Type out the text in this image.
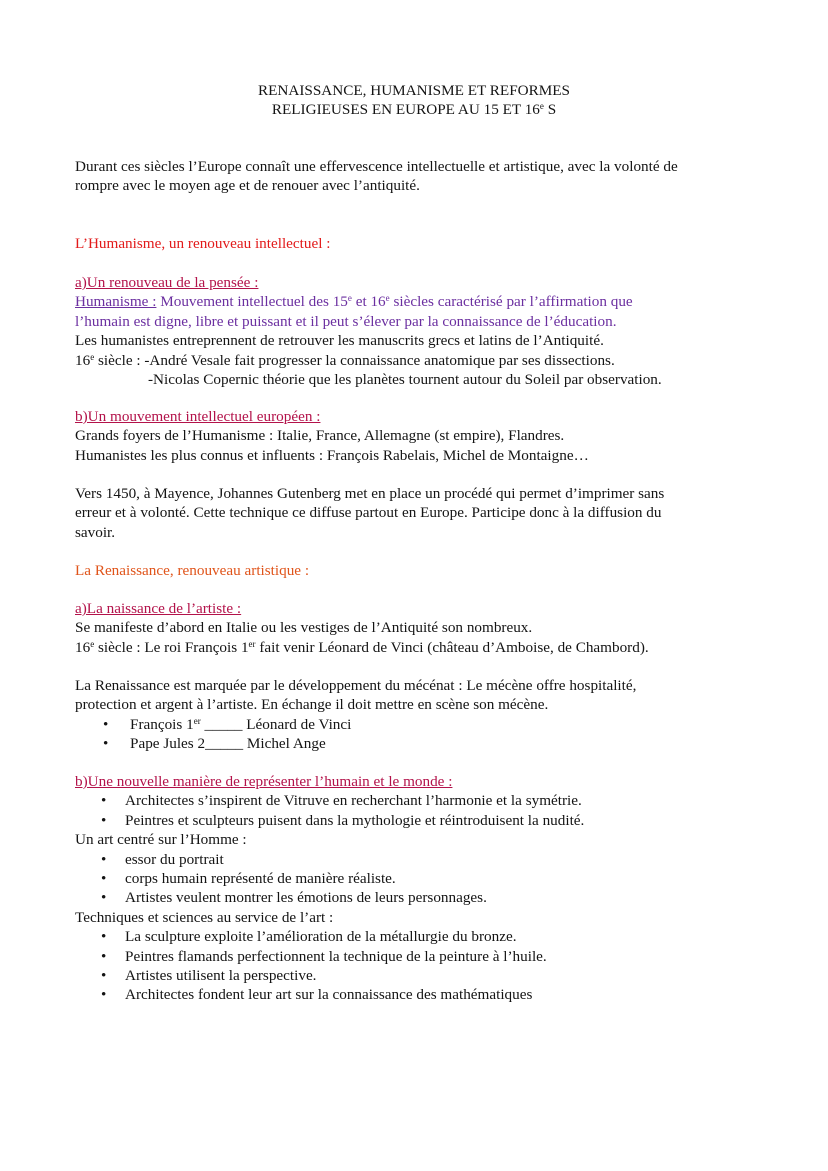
RENAISSANCE, HUMANISME ET REFORMES
RELIGIEUSES EN EUROPE AU 15 ET 16e S
Durant ces siècles l’Europe connaît une effervescence intellectuelle et artistique, avec la volonté de
rompre avec le moyen age et de renouer avec l’antiquité.
L’Humanisme, un renouveau intellectuel :
a)Un renouveau de la pensée :
Humanisme : Mouvement intellectuel des 15e et 16e siècles caractérisé par l’affirmation que
l’humain est digne, libre et puissant et il peut s’élever par la connaissance de l’éducation.
Les humanistes entreprennent de retrouver les manuscrits grecs et latins de l’Antiquité.
16e siècle : -André Vesale fait progresser la connaissance anatomique par ses dissections.
-Nicolas Copernic théorie que les planètes tournent autour du Soleil par observation.
b)Un mouvement intellectuel européen :
Grands foyers de l’Humanisme : Italie, France, Allemagne (st empire), Flandres.
Humanistes les plus connus et influents : François Rabelais, Michel de Montaigne…
Vers 1450, à Mayence, Johannes Gutenberg met en place un procédé qui permet d’imprimer sans
erreur et à volonté. Cette technique ce diffuse partout en Europe. Participe donc à la diffusion du
savoir.
La Renaissance, renouveau artistique :
a)La naissance de l’artiste :
Se manifeste d’abord en Italie ou les vestiges de l’Antiquité son nombreux.
16e siècle : Le roi François 1er fait venir Léonard de Vinci (château d’Amboise, de Chambord).
La Renaissance est marquée par le développement du mécénat : Le mécène offre hospitalité,
protection et argent à l’artiste. En échange il doit mettre en scène son mécène.
• François 1er _____ Léonard de Vinci
• Pape Jules 2_____ Michel Ange
b)Une nouvelle manière de représenter l’humain et le monde :
• Architectes s’inspirent de Vitruve en recherchant l’harmonie et la symétrie.
• Peintres et sculpteurs puisent dans la mythologie et réintroduisent la nudité.
Un art centré sur l’Homme :
• essor du portrait
• corps humain représenté de manière réaliste.
• Artistes veulent montrer les émotions de leurs personnages.
Techniques et sciences au service de l’art :
• La sculpture exploite l’amélioration de la métallurgie du bronze.
• Peintres flamands perfectionnent la technique de la peinture à l’huile.
• Artistes utilisent la perspective.
• Architectes fondent leur art sur la connaissance des mathématiques
